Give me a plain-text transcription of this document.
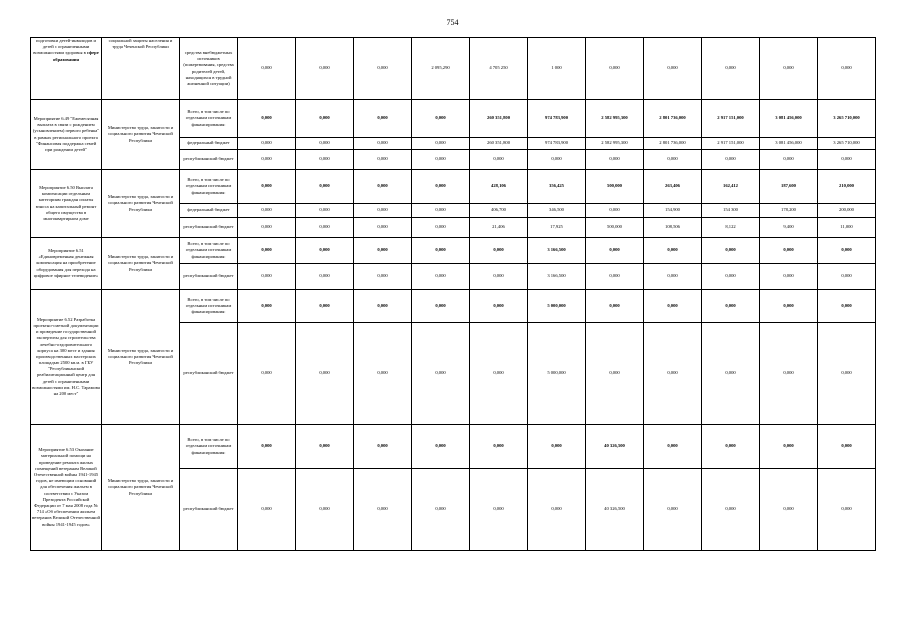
754
подготовки детей-инвалидов и детей с ограниченными возможностями здоровья в сфере образования	социальной защиты населения и труда Чеченской Республики	средства внебюджетных источников (пожертвования, средства родителей детей, находящихся в трудной жизненной ситуации)	0,000	0,000	0,000	2 095,290	4 705 250	1 000	0,000	0,000	0,000	0,000	0,000
Мероприятие 6.49 "Ежемесячная выплата в связи с рождением (усыновлением) первого ребенка" в рамках регионального проекта "Финансовая поддержка семей при рождении детей"	Министерство труда, занятости и социального развития Чеченской Республики	Всего, в том числе по отдельным источникам финансирования:	0,000	0,000	0,000	0,000	260 351,800	974 783,900	2 582 995,300	2 801 736,000	2 917 151,000	3 081 456,000	3 265 710,000
		федеральный бюджет	0,000	0,000	0,000	0,000	260 351,800	974 783,900	2 582 995,300	2 801 736,000	2 917 151,000	3 081 456,000	3 265 710,000
		республиканский бюджет	0,000	0,000	0,000	0,000	0,000	0,000	0,000	0,000	0,000	0,000	0,000
Мероприятие 6.50 Выплата компенсации отдельным категориям граждан оплаты взноса на капитальный ремонт общего имущества в многоквартирном доме	Министерство труда, занятости и социального развития Чеченской Республики	Всего, в том числе по отдельным источникам финансирования:	0,000	0,000	0,000	0,000	428,106	356,425	500,000	263,406	162,412	187,600	210,000
		федеральный бюджет	0,000	0,000	0,000	0,000	406,700	346,500	0,000	154,900	154 300	178,200	200,000
		республиканский бюджет	0,000	0,000	0,000	0,000	21,406	17,925	500,000	108,506	8,122	9,400	11,000
Мероприятие 6.51 «Единовременная денежная компенсация на приобретение оборудования для перехода на цифровое эфирное телевидение»	Министерство труда, занятости и социального развития Чеченской Республики	Всего, в том числе по отдельным источникам финансирования:	0,000	0,000	0,000	0,000	0,000	3 166,500	0,000	0,000	0,000	0,000	0,000
		республиканский бюджет	0,000	0,000	0,000	0,000	0,000	3 166,500	0,000	0,000	0,000	0,000	0,000
Мероприятие 6.52 Разработка проектно-сметной документации и проведение государственной экспертизы для строительства лечебно-оздоровительного корпуса на 300 мест и здания производственных мастерских площадью 2500 кв.м. в ГБУ "Республиканский реабилитационный центр для детей с ограниченными возможностями им. Н.С. Тарамова на 200 мест"	Министерство труда, занятости и социального развития Чеченской Республики	Всего, в том числе по отдельным источникам финансирования:	0,000	0,000	0,000	0,000	0,000	5 000,000	0,000	0,000	0,000	0,000	0,000
		республиканский бюджет	0,000	0,000	0,000	0,000	0,000	5 000,000	0,000	0,000	0,000	0,000	0,000
Мероприятие 6.53 Оказание материальной помощи на проведение ремонта жилых помещений ветеранам Великой Отечественной войны 1941-1945 годов, не имеющим оснований для обеспечения жильем в соответствии с Указом Президента Российской Федерации от 7 мая 2008 года № 714 «Об обеспечении жильем ветеранов Великой Отечественной войны 1941-1945 годов»	Министерство труда, занятости и социального развития Чеченской Республики	Всего, в том числе по отдельным источникам финансирования:	0,000	0,000	0,000	0,000	0,000	0,000	40 326,500	0,000	0,000	0,000	0,000
		республиканский бюджет	0,000	0,000	0,000	0,000	0,000	0,000	40 326,500	0,000	0,000	0,000	0,000
